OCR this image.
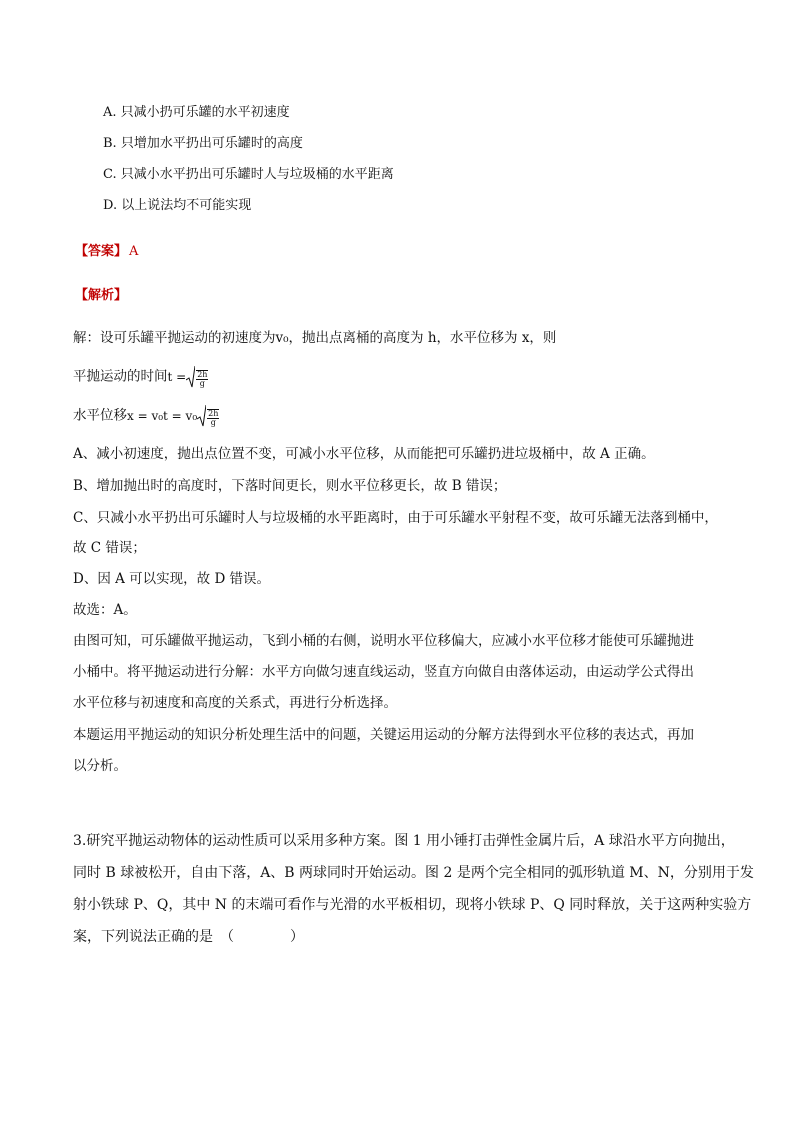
A. 只减小扔可乐罐的水平初速度
B. 只增加水平扔出可乐罐时的高度
C. 只减小水平扔出可乐罐时人与垃圾桶的水平距离
D. 以上说法均不可能实现
【答案】 A
【解析】
解：设可乐罐平抛运动的初速度为v₀，抛出点离桶的高度为 h，水平位移为 x，则
平抛运动的时间 $t = \frac{2h}{g}$
水平位移 $x = v_0t = v_0 \frac{2h}{g}$
A、减小初速度，抛出点位置不变，可减小水平位移，从而能把可乐罐扔进垃圾桶中，故 A 正确。
B、增加抛出时的高度时，下落时间更长，则水平位移更长，故 B 错误；
C、只减小水平扔出可乐罐时人与垃圾桶的水平距离时，由于可乐罐水平射程不变，故可乐罐无法落到桶中，
故 C 错误；
D、因 A 可以实现，故 D 错误。
故选：A。
由图可知，可乐罐做平抛运动，飞到小桶的右侧，说明水平位移偏大，应减小水平位移才能使可乐罐抛进
小桶中。将平抛运动进行分解：水平方向做匀速直线运动，竖直方向做自由落体运动，由运动学公式得出
水平位移与初速度和高度的关系式，再进行分析选择。
本题运用平抛运动的知识分析处理生活中的问题，关键运用运动的分解方法得到水平位移的表达式，再加
以分析。
3.研究平抛运动物体的运动性质可以采用多种方案。图 1 用小锤打击弹性金属片后，A 球沿水平方向抛出，
同时 B 球被松开，自由下落，A、B 两球同时开始运动。图 2 是两个完全相同的弧形轨道 M、N，分别用于发
射小铁球 P、Q，其中 N 的末端可看作与光滑的水平板相切，现将小铁球 P、Q 同时释放，关于这两种实验方
案，下列说法正确的是　（　　　　）
